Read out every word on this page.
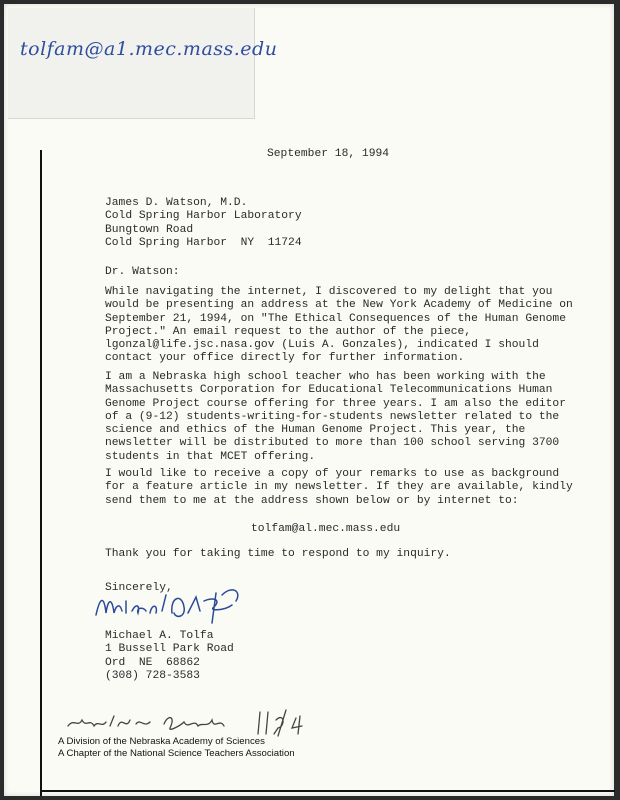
tolfam@a1.mec.mass.edu
September 18, 1994
James D. Watson, M.D.
Cold Spring Harbor Laboratory
Bungtown Road
Cold Spring Harbor  NY  11724
Dr. Watson:
While navigating the internet, I discovered to my delight that you would be presenting an address at the New York Academy of Medicine on September 21, 1994, on "The Ethical Consequences of the Human Genome Project." An email request to the author of the piece, lgonzal@life.jsc.nasa.gov (Luis A. Gonzales), indicated I should contact your office directly for further information.
I am a Nebraska high school teacher who has been working with the Massachusetts Corporation for Educational Telecommunications Human Genome Project course offering for three years. I am also the editor of a (9-12) students-writing-for-students newsletter related to the science and ethics of the Human Genome Project. This year, the newsletter will be distributed to more than 100 school serving 3700 students in that MCET offering.
I would like to receive a copy of your remarks to use as background for a feature article in my newsletter. If they are available, kindly send them to me at the address shown below or by internet to:
tolfam@al.mec.mass.edu
Thank you for taking time to respond to my inquiry.
Sincerely,
Michael A. Tolfa
1 Bussell Park Road
Ord  NE  68862
(308) 728-3583
A Division of the Nebraska Academy of Sciences
A Chapter of the National Science Teachers Association
